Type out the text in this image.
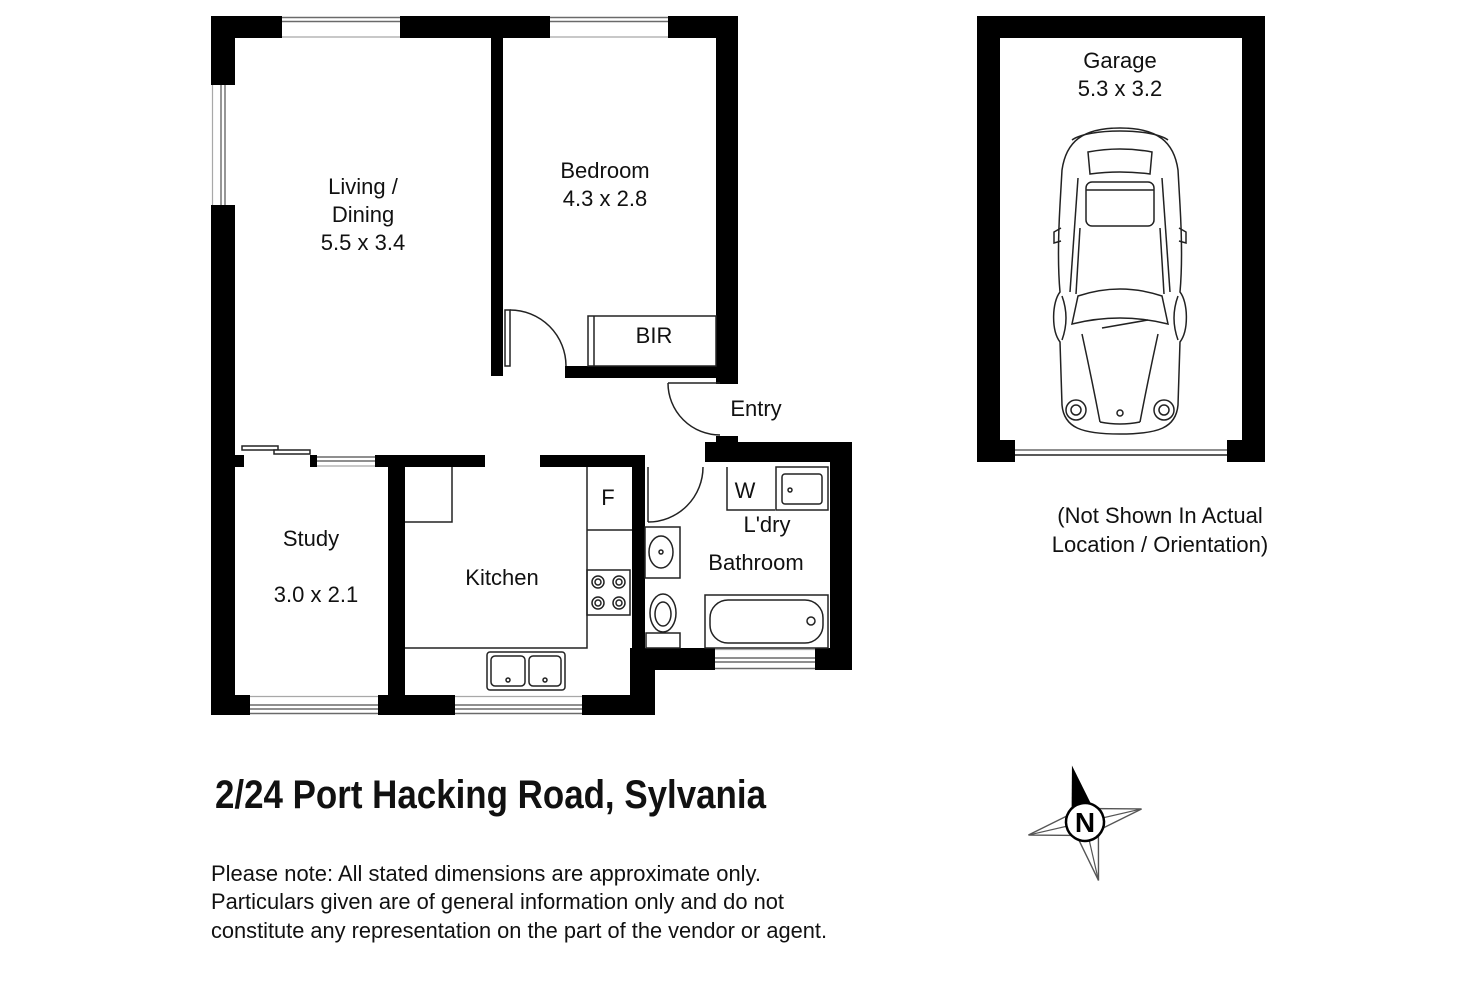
Living /
Dining
5.5 x 3.4
Bedroom
4.3 x 2.8
BIR
Entry
Study
3.0 x 2.1
Kitchen
F	W
L'dry
Bathroom
Garage
5.3 x 3.2
(Not Shown In Actual
Location / Orientation)
2/24 Port Hacking Road, Sylvania
Please note: All stated dimensions are approximate only.
Particulars given are of general information only and do not
constitute any representation on the part of the vendor or agent.
N
